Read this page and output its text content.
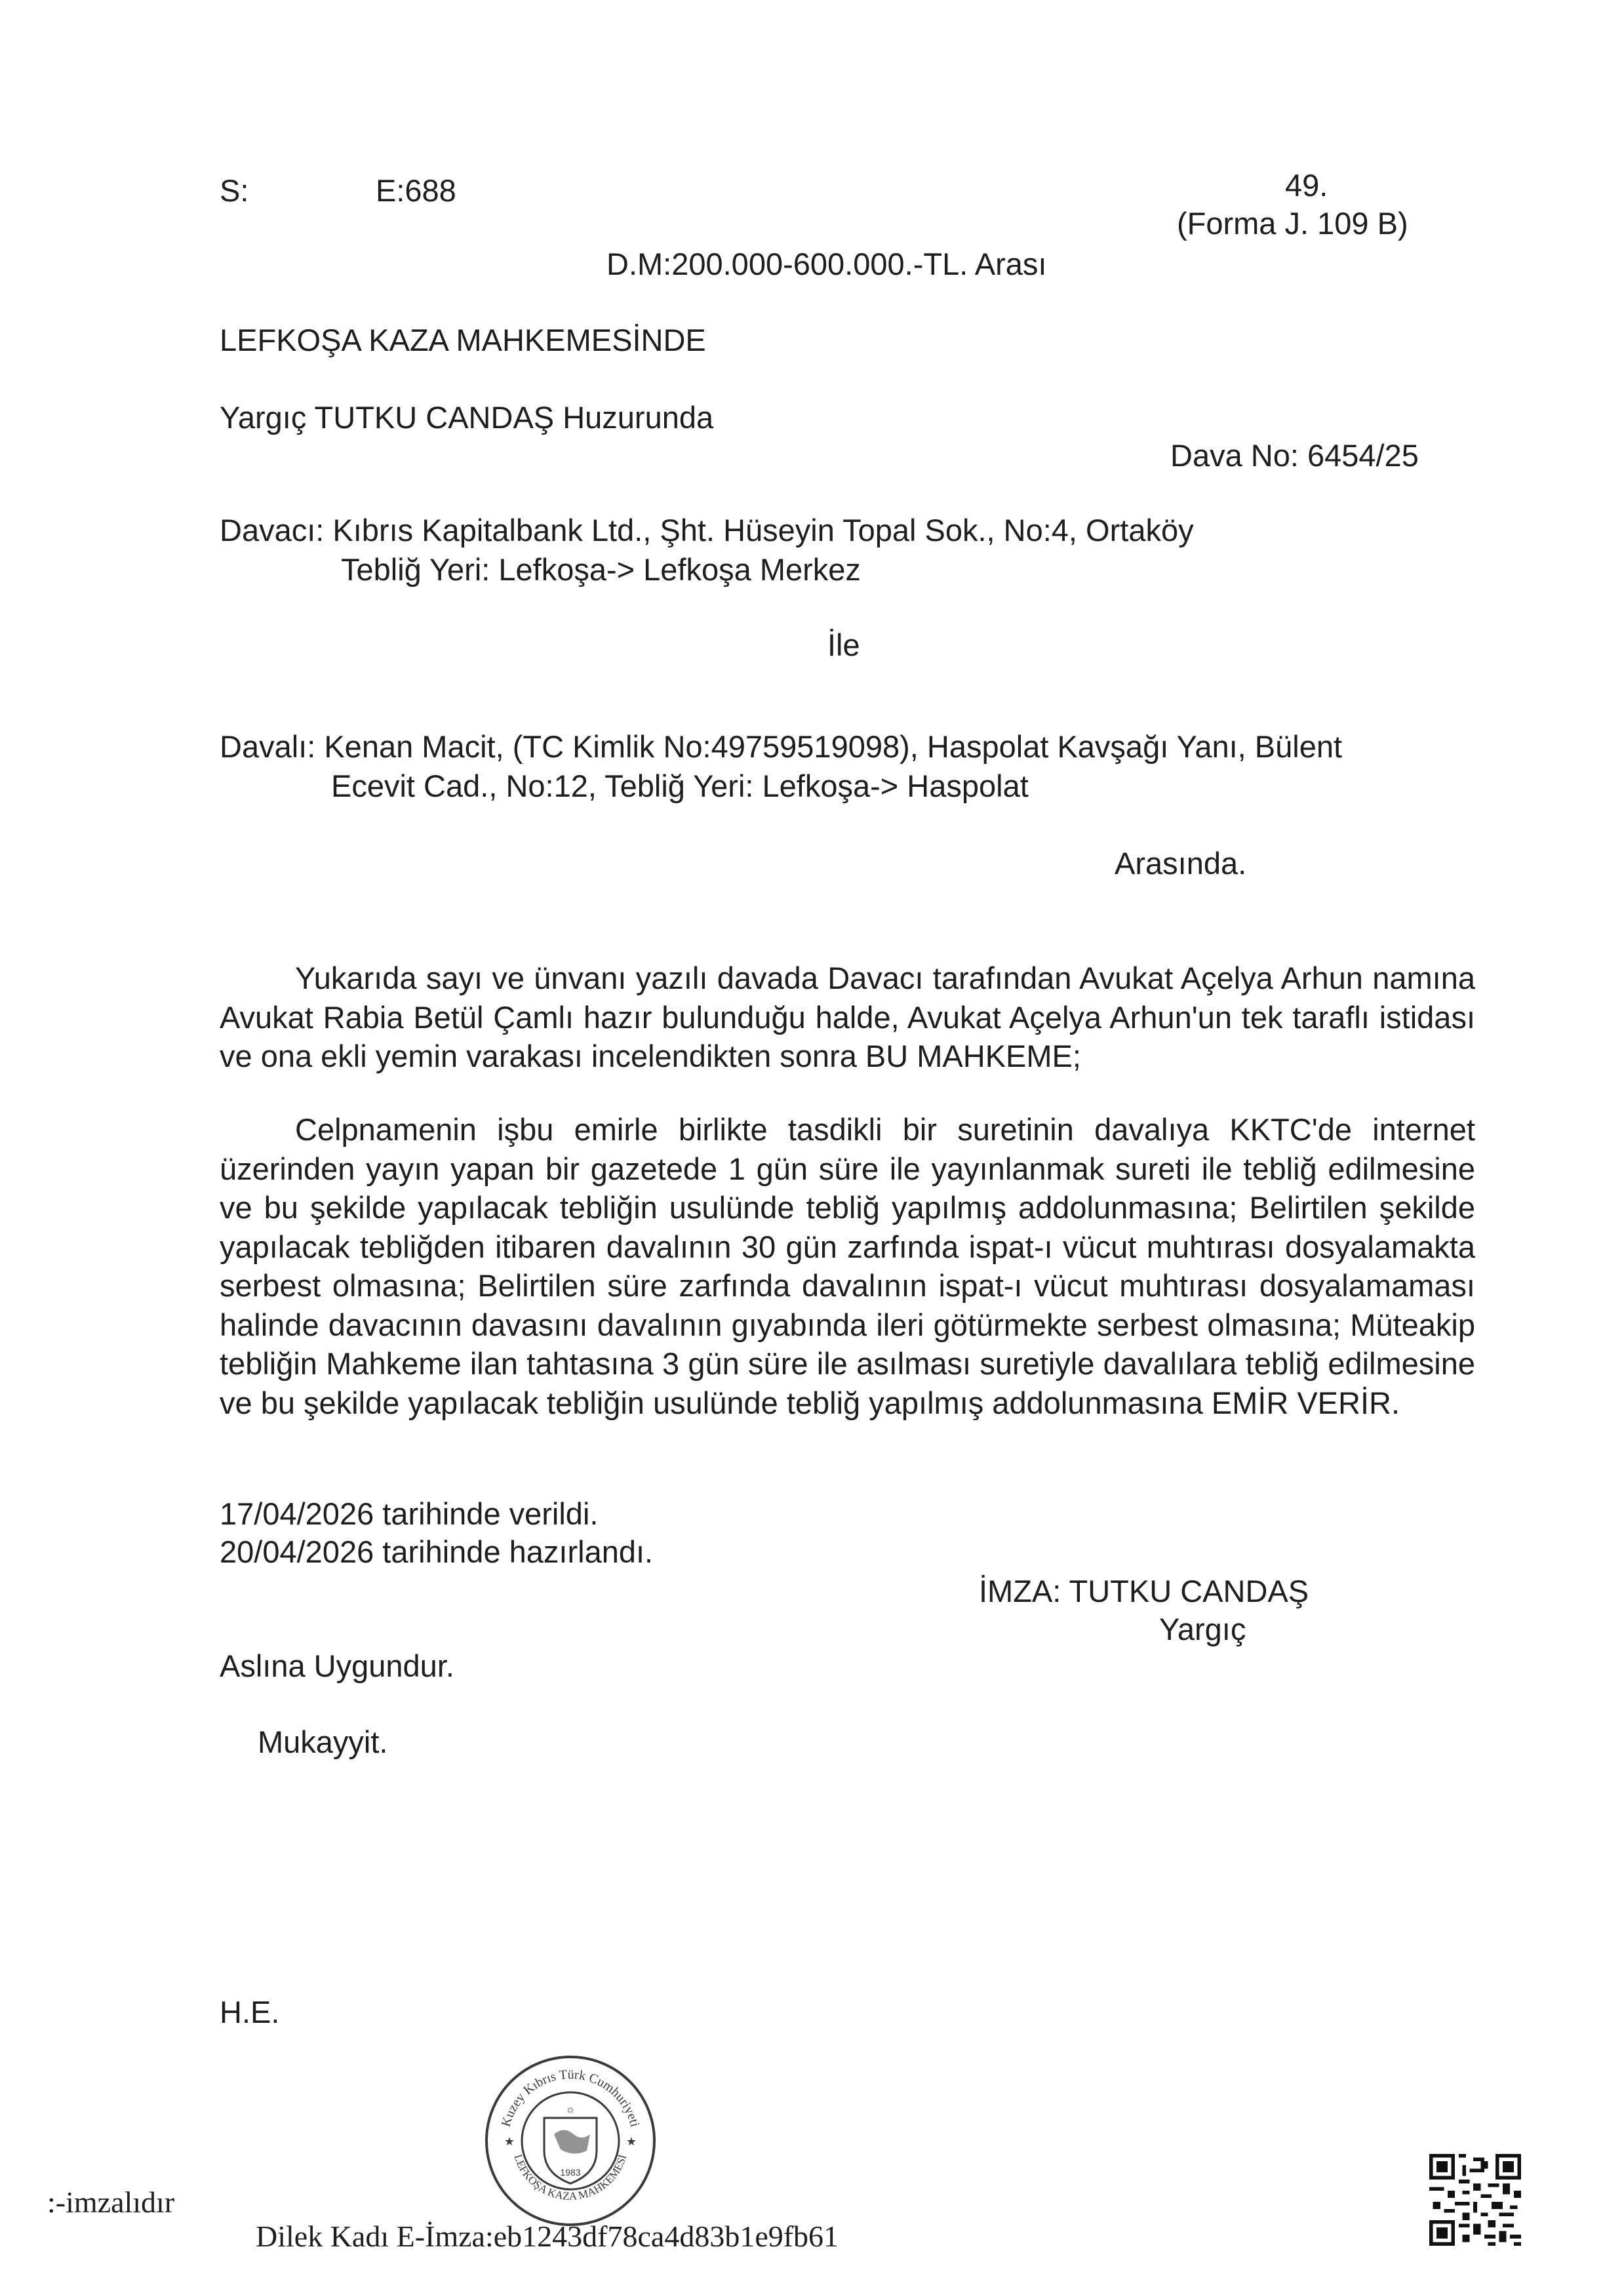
S:	E:688	49.
(Forma J. 109 B)
D.M:200.000-600.000.-TL. Arası
LEFKOŞA KAZA MAHKEMESİNDE
Yargıç TUTKU CANDAŞ Huzurunda
Dava No: 6454/25
Davacı: Kıbrıs Kapitalbank Ltd., Şht. Hüseyin Topal Sok., No:4, Ortaköy
Tebliğ Yeri: Lefkoşa-> Lefkoşa Merkez
İle
Davalı: Kenan Macit, (TC Kimlik No:49759519098), Haspolat Kavşağı Yanı, Bülent
Ecevit Cad., No:12, Tebliğ Yeri: Lefkoşa-> Haspolat
Arasında.

Yukarıda sayı ve ünvanı yazılı davada Davacı tarafından Avukat Açelya Arhun namına Avukat Rabia Betül Çamlı hazır bulunduğu halde, Avukat Açelya Arhun'un tek taraflı istidası ve ona ekli yemin varakası incelendikten sonra BU MAHKEME;

Celpnamenin işbu emirle birlikte tasdikli bir suretinin davalıya KKTC'de internet üzerinden yayın yapan bir gazetede 1 gün süre ile yayınlanmak sureti ile tebliğ edilmesine ve bu şekilde yapılacak tebliğin usulünde tebliğ yapılmış addolunmasına; Belirtilen şekilde yapılacak tebliğden itibaren davalının 30 gün zarfında ispat-ı vücut muhtırası dosyalamakta serbest olmasına; Belirtilen süre zarfında davalının ispat-ı vücut muhtırası dosyalamaması halinde davacının davasını davalının gıyabında ileri götürmekte serbest olmasına; Müteakip tebliğin Mahkeme ilan tahtasına 3 gün süre ile asılması suretiyle davalılara tebliğ edilmesine ve bu şekilde yapılacak tebliğin usulünde tebliğ yapılmış addolunmasına EMİR VERİR.

17/04/2026 tarihinde verildi.
20/04/2026 tarihinde hazırlandı.
İMZA: TUTKU CANDAŞ
Yargıç
Aslına Uygundur.
Mukayyit.
H.E.
Kuzey Kıbrıs Türk Cumhuriyeti
LEFKOŞA KAZA MAHKEMESİ
★	★
☼
1983
:-imzalıdır
Dilek Kadı E-İmza:eb1243df78ca4d83b1e9fb61
